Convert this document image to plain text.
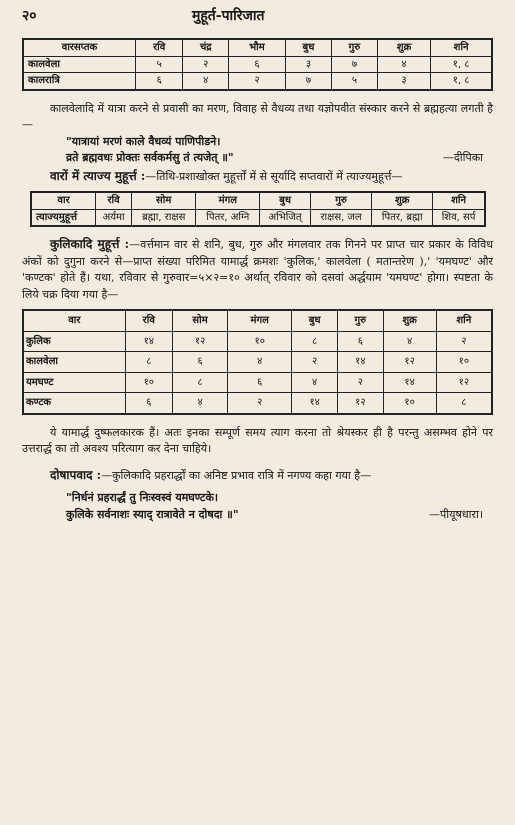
२०	मुहूर्त-पारिजात
वारसप्तक	रवि	चंद्र	भौम	बुध	गुरु	शुक्र	शनि
कालवेला	५	२	६	३	७	४	१, ८
कालरात्रि	६	४	२	७	५	३	१, ८

कालवेलादि में यात्रा करने से प्रवासी का मरण, विवाह से वैधव्य तथा यज्ञोपवीत संस्कार करने से ब्रह्महत्या लगती है—

"यात्रायां मरणं काले वैधव्यं पाणिपीडने।
व्रते ब्रह्मवधः प्रोक्तः सर्वकर्मसु तं त्यजेत् ॥"	—दीपिका

वारों में त्याज्य मुहूर्त्त :—तिथि-प्रशाखोक्त मुहूर्त्तों में से सूर्यादि सप्तवारों में त्याज्यमुहूर्त्त—

वार	रवि	सोम	मंगल	बुध	गुरु	शुक्र	शनि
त्याज्यमुहूर्त्त	अर्यमा	ब्रह्मा, राक्षस	पितर, अग्नि	अभिजित्	राक्षस, जल	पितर, ब्रह्मा	शिव, सर्प

कुलिकादि मुहूर्त्त :—वर्त्तमान वार से शनि, बुध, गुरु और मंगलवार तक गिनने पर प्राप्त चार प्रकार के विविध अंकों को दुगुना करने से—प्राप्त संख्या परिमित यामार्द्ध क्रमशः 'कुलिक,' कालवेला ( मतान्तरेण ),' 'यमघण्ट' और 'कण्टक' होते हैं। यथा, रविवार से गुरुवार=५×२=१० अर्थात् रविवार को दसवां अर्द्धयाम 'यमघण्ट' होगा। स्पष्टता के लिये चक्र दिया गया है—

वार	रवि	सोम	मंगल	बुध	गुरु	शुक्र	शनि
कुलिक	१४	१२	१०	८	६	४	२
कालवेला	८	६	४	२	१४	१२	१०
यमघण्ट	१०	८	६	४	२	१४	१२
कण्टक	६	४	२	१४	१२	१०	८

ये यामार्द्ध दुष्फलकारक हैं। अतः इनका सम्पूर्ण समय त्याग करना तो श्रेयस्कर ही है परन्तु असम्भव होने पर उत्तरार्द्ध का तो अवश्य परित्याग कर देना चाहिये।

दोषापवाद :—कुलिकादि प्रहरार्द्धों का अनिष्ट प्रभाव रात्रि में नगण्य कहा गया है—

"निर्धनं प्रहरार्द्धं तु निःस्वस्वं यमघण्टके।
कुलिके सर्वनाशः स्याद् रात्रावेते न दोषदा ॥"	—पीयूषधारा।
